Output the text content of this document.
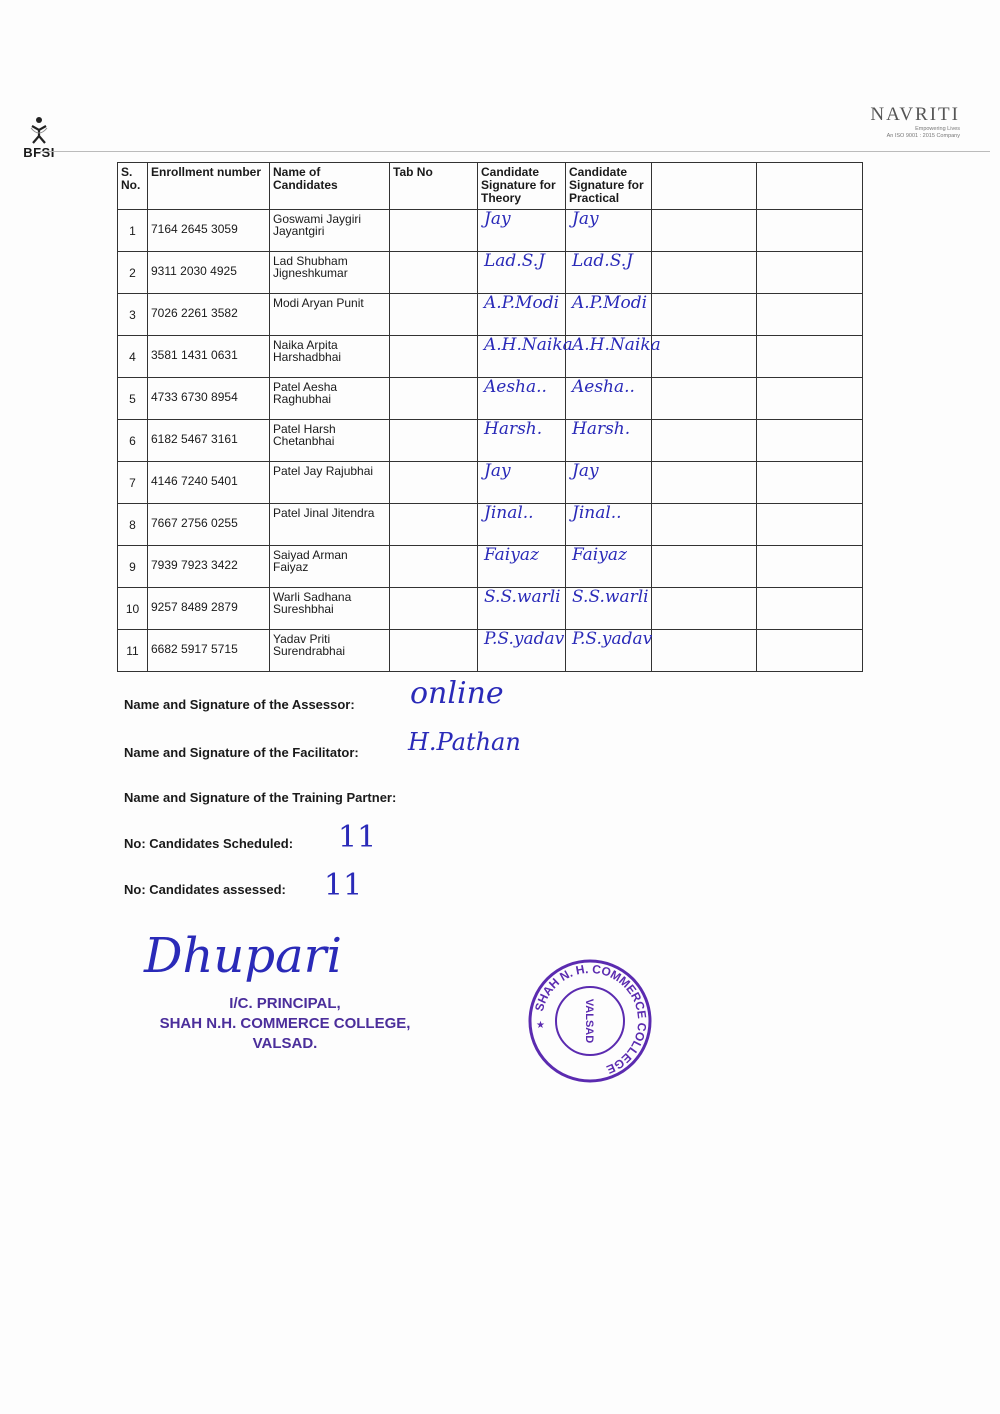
BFSI
NAVRITI
Empowering Lives
An ISO 9001 : 2015 Company
S. No.	Enrollment number	Name of Candidates	Tab No	Candidate Signature for Theory	Candidate Signature for Practical		
1	7164 2645 3059	Goswami Jaygiri Jayantgiri		Jay	Jay		

2	9311 2030 4925	Lad Shubham Jigneshkumar		Lad.S.J	Lad.S.J		

3	7026 2261 3582	Modi Aryan Punit		A.P.Modi	A.P.Modi		

4	3581 1431 0631	Naika Arpita Harshadbhai		A.H.Naika	A.H.Naika		

5	4733 6730 8954	Patel Aesha Raghubhai		Aesha..	Aesha..		

6	6182 5467 3161	Patel Harsh Chetanbhai		Harsh.	Harsh.		

7	4146 7240 5401	Patel Jay Rajubhai		Jay	Jay		

8	7667 2756 0255	Patel Jinal Jitendra		Jinal..	Jinal..		

9	7939 7923 3422	Saiyad Arman Faiyaz		Faiyaz	Faiyaz		

10	9257 8489 2879	Warli Sadhana Sureshbhai		S.S.warli	S.S.warli		

11	6682 5917 5715	Yadav Priti Surendrabhai		P.S.yadav	P.S.yadav		

Name and Signature of the Assessor: online
Name and Signature of the Facilitator: H.Pathan
Name and Signature of the Training Partner:
No: Candidates Scheduled: 11
No: Candidates assessed: 11
Dhupari
I/C. PRINCIPAL,
SHAH N.H. COMMERCE COLLEGE,
VALSAD.
SHAH N. H. COMMERCE COLLEGE
VALSAD
★
